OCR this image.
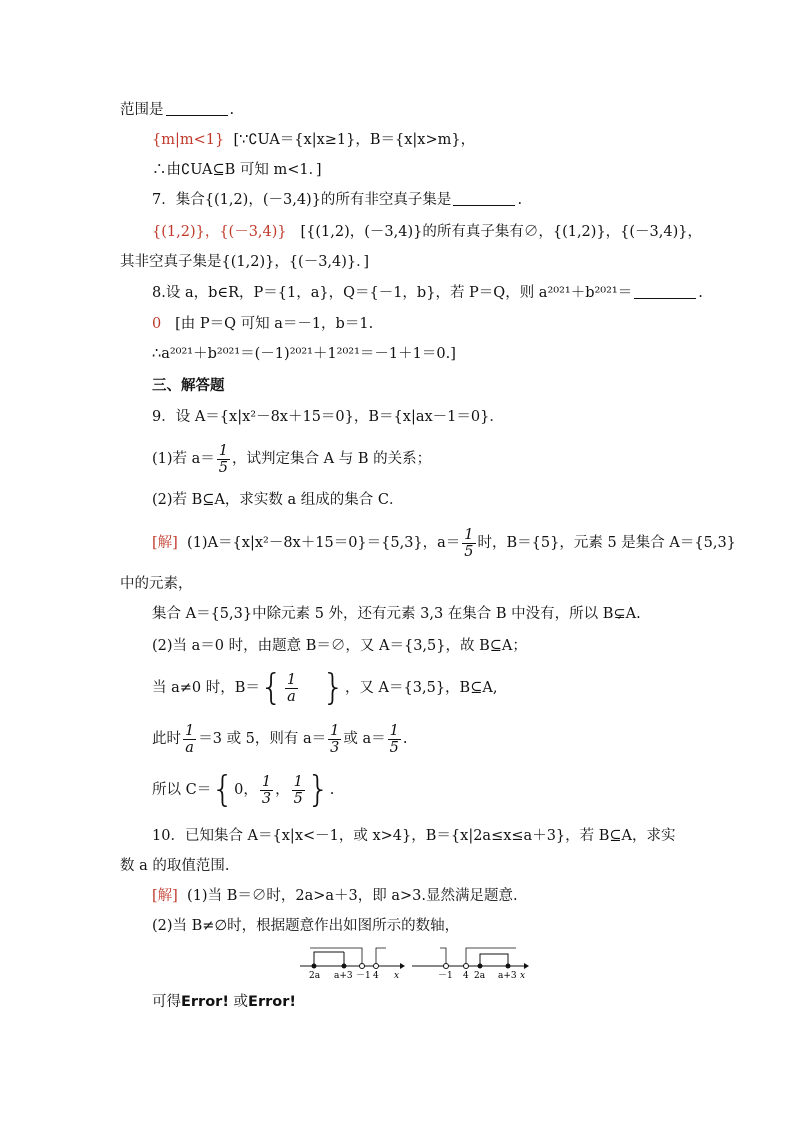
范围是	.
{m|m<1} [∵∁UA＝{x|x≥1}，B＝{x|x>m}，
∴由∁UA⊆B 可知 m<1．]
7．集合{(1,2)，(－3,4)}的所有非空真子集是	.
{(1,2)}，{(－3,4)} [{(1,2)，(－3,4)}的所有真子集有∅，{(1,2)}，{(－3,4)}，
其非空真子集是{(1,2)}，{(－3,4)}．]
8.设 a，b∈R，P＝{1，a}，Q＝{－1，b}，若 P＝Q，则 a²⁰²¹＋b²⁰²¹＝	.
0 [由 P＝Q 可知 a＝－1，b＝1.
∴a²⁰²¹＋b²⁰²¹＝(－1)²⁰²¹＋1²⁰²¹＝－1＋1＝0.]
三、解答题
9．设 A＝{x|x²－8x＋15＝0}，B＝{x|ax－1＝0}．
(1)若 $a= \frac{1}{5}$ ，试判定集合 A 与 B 的关系；
(2)若 B⊆A，求实数 a 组成的集合 C．
[解] (1)A＝{x|x²－8x＋15＝0}＝{5,3}，$a= \frac{1}{5}$ 时，B＝{5}，元素 5 是集合 A＝{5,3}
中的元素，
集合 A＝{5,3}中除元素 5 外，还有元素 3,3 在集合 B 中没有，所以 B⊊A.
(2)当 a＝0 时，由题意 B＝∅，又 A＝{3,5}，故 B⊆A；
当 a≠0 时，$B=\{ \frac{1}{a}$ }，又 A＝{3,5}，B⊆A,
此时 $\frac{1}{a} =3$ 或 5，则有 $a= \frac{1}{3}$ 或 $a= \frac{1}{5}$ .
所以 C＝{0， $\frac{1}{3}$ ， $\frac{1}{5}$ }.
10．已知集合 A＝{x|x<－1，或 x>4}，B＝{x|2a≤x≤a＋3}，若 B⊆A，求实
数 a 的取值范围.
[解] (1)当 B＝∅时，2a>a＋3，即 a>3.显然满足题意.
(2)当 B≠∅时，根据题意作出如图所示的数轴，
2a a+3 －1 4 x	－1 4 2a a+3 x
可得Error! 或Error!
